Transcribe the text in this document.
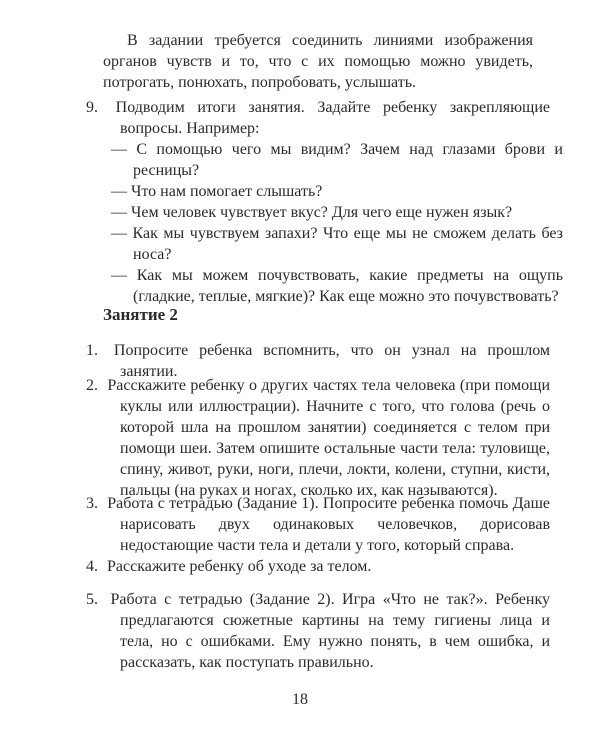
В задании требуется соединить линиями изображения органов чувств и то, что с их помощью можно увидеть, потрогать, понюхать, попробовать, услышать.

9. Подводим итоги занятия. Задайте ребенку закрепляющие вопросы. Например:

— С помощью чего мы видим? Зачем над глазами брови и ресницы?

— Что нам помогает слышать?

— Чем человек чувствует вкус? Для чего еще нужен язык?

— Как мы чувствуем запахи? Что еще мы не сможем делать без носа?

— Как мы можем почувствовать, какие предметы на ощупь (гладкие, теплые, мягкие)? Как еще можно это почувствовать?

Занятие 2

1. Попросите ребенка вспомнить, что он узнал на прошлом занятии.

2. Расскажите ребенку о других частях тела человека (при помощи куклы или иллюстрации). Начните с того, что голова (речь о которой шла на прошлом занятии) соединяется с телом при помощи шеи. Затем опишите остальные части тела: туловище, спину, живот, руки, ноги, плечи, локти, колени, ступни, кисти, пальцы (на руках и ногах, сколько их, как называются).

3. Работа с тетрадью (Задание 1). Попросите ребенка помочь Даше нарисовать двух одинаковых человечков, дорисовав недостающие части тела и детали у того, который справа.

4. Расскажите ребенку об уходе за телом.

5. Работа с тетрадью (Задание 2). Игра «Что не так?». Ребенку предлагаются сюжетные картины на тему гигиены лица и тела, но с ошибками. Ему нужно понять, в чем ошибка, и рассказать, как поступать правильно.

18
